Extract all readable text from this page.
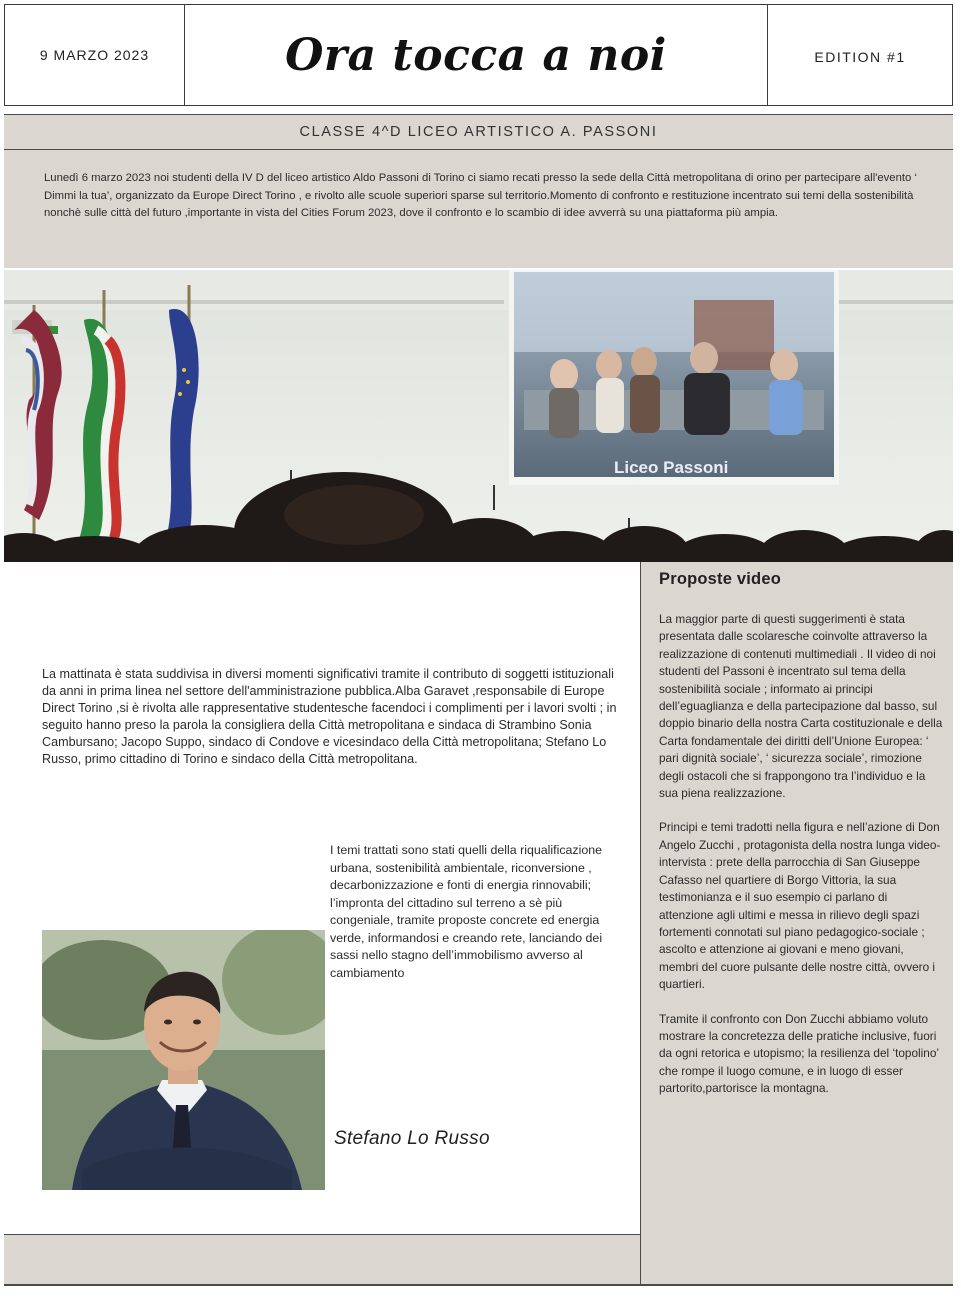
9 MARZO 2023	Ora tocca a noi	EDITION #1
CLASSE 4^D LICEO ARTISTICO A. PASSONI
Lunedì 6 marzo 2023 noi studenti della IV D del liceo artistico Aldo Passoni di Torino ci siamo recati presso la sede della Città metropolitana di orino per partecipare all'evento ‘ Dimmi la tua’, organizzato da Europe Direct Torino , e rivolto alle scuole superiori sparse sul territorio.Momento di confronto e restituzione incentrato sui temi della sostenibilità nonchè sulle città del futuro ,importante in vista del Cities Forum 2023, dove il confronto e lo scambio di idee avverrà su una piattaforma più ampia.
Liceo Passoni

La mattinata è stata suddivisa in diversi momenti significativi tramite il contributo di soggetti istituzionali da anni in prima linea nel settore dell'amministrazione pubblica.Alba Garavet ,responsabile di Europe Direct Torino ,si è rivolta alle rappresentative studentesche facendoci i complimenti per i lavori svolti ; in seguito hanno preso la parola la consigliera della Città metropolitana e sindaca di Strambino Sonia Cambursano; Jacopo Suppo, sindaco di Condove e vicesindaco della Città metropolitana; Stefano Lo Russo, primo cittadino di Torino e sindaco della Città metropolitana.

I temi trattati sono stati quelli della riqualificazione urbana, sostenibilità ambientale, riconversione , decarbonizzazione e fonti di energia rinnovabili; l’impronta del cittadino sul terreno a sè più congeniale, tramite proposte concrete ed energia verde, informandosi e creando rete, lanciando dei sassi nello stagno dell’immobilismo avverso al cambiamento

Stefano Lo Russo
Proposte video

La maggior parte di questi suggerimenti è stata presentata dalle scolaresche coinvolte attraverso la realizzazione di contenuti multimediali . Il video di noi studenti del Passoni è incentrato sul tema della sostenibilità sociale ; informato ai principi dell’eguaglianza e della partecipazione dal basso, sul doppio binario della nostra Carta costituzionale e della Carta fondamentale dei diritti dell’Unione Europea: ‘ pari dignità sociale’, ‘ sicurezza sociale’, rimozione degli ostacoli che si frappongono tra l’individuo e la sua piena realizzazione.

Principi e temi tradotti nella figura e nell’azione di Don Angelo Zucchi , protagonista della nostra lunga video-intervista : prete della parrocchia di San Giuseppe Cafasso nel quartiere di Borgo Vittoria, la sua testimonianza e il suo esempio ci parlano di attenzione agli ultimi e messa in rilievo degli spazi fortementi connotati sul piano pedagogico-sociale ; ascolto e attenzione ai giovani e meno giovani, membri del cuore pulsante delle nostre città, ovvero i quartieri.

Tramite il confronto con Don Zucchi abbiamo voluto mostrare la concretezza delle pratiche inclusive, fuori da ogni retorica e utopismo; la resilienza del ‘topolino’ che rompe il luogo comune, e in luogo di esser partorito,partorisce la montagna.
